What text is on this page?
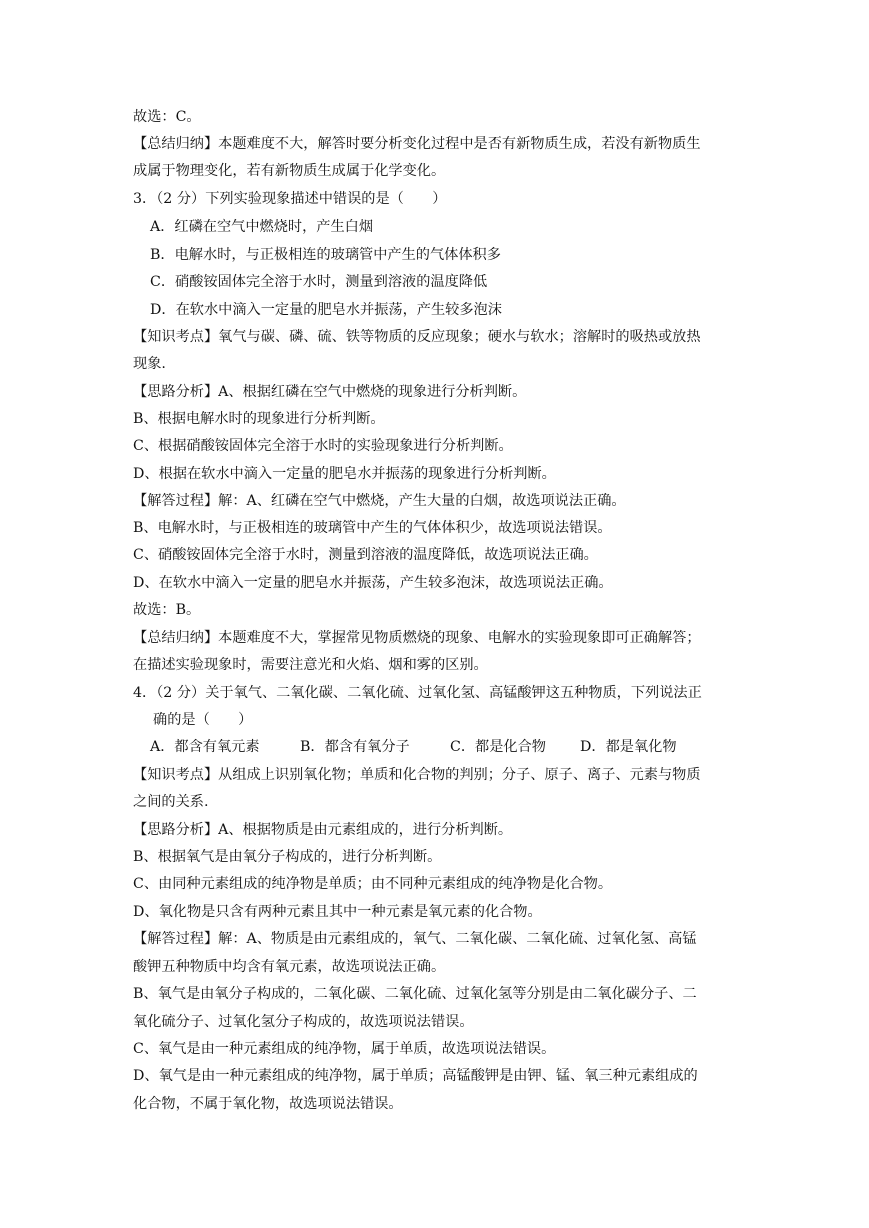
故选：C。
【总结归纳】本题难度不大，解答时要分析变化过程中是否有新物质生成，若没有新物质生
成属于物理变化，若有新物质生成属于化学变化。
3．（2 分）下列实验现象描述中错误的是（　　）
A．红磷在空气中燃烧时，产生白烟
B．电解水时，与正极相连的玻璃管中产生的气体体积多
C．硝酸铵固体完全溶于水时，测量到溶液的温度降低
D．在软水中滴入一定量的肥皂水并振荡，产生较多泡沫
【知识考点】氧气与碳、磷、硫、铁等物质的反应现象；硬水与软水；溶解时的吸热或放热
现象.
【思路分析】A、根据红磷在空气中燃烧的现象进行分析判断。
B、根据电解水时的现象进行分析判断。
C、根据硝酸铵固体完全溶于水时的实验现象进行分析判断。
D、根据在软水中滴入一定量的肥皂水并振荡的现象进行分析判断。
【解答过程】解：A、红磷在空气中燃烧，产生大量的白烟，故选项说法正确。
B、电解水时，与正极相连的玻璃管中产生的气体体积少，故选项说法错误。
C、硝酸铵固体完全溶于水时，测量到溶液的温度降低，故选项说法正确。
D、在软水中滴入一定量的肥皂水并振荡，产生较多泡沫，故选项说法正确。
故选：B。
【总结归纳】本题难度不大，掌握常见物质燃烧的现象、电解水的实验现象即可正确解答；
在描述实验现象时，需要注意光和火焰、烟和雾的区别。
4．（2 分）关于氧气、二氧化碳、二氧化硫、过氧化氢、高锰酸钾这五种物质，下列说法正
确的是（　　）
A．都含有氧元素	B．都含有氧分子	C．都是化合物 D．都是氧化物
【知识考点】从组成上识别氧化物；单质和化合物的判别；分子、原子、离子、元素与物质
之间的关系.
【思路分析】A、根据物质是由元素组成的，进行分析判断。
B、根据氧气是由氧分子构成的，进行分析判断。
C、由同种元素组成的纯净物是单质；由不同种元素组成的纯净物是化合物。
D、氧化物是只含有两种元素且其中一种元素是氧元素的化合物。
【解答过程】解：A、物质是由元素组成的，氧气、二氧化碳、二氧化硫、过氧化氢、高锰
酸钾五种物质中均含有氧元素，故选项说法正确。
B、氧气是由氧分子构成的，二氧化碳、二氧化硫、过氧化氢等分别是由二氧化碳分子、二
氧化硫分子、过氧化氢分子构成的，故选项说法错误。
C、氧气是由一种元素组成的纯净物，属于单质，故选项说法错误。
D、氧气是由一种元素组成的纯净物，属于单质；高锰酸钾是由钾、锰、氧三种元素组成的
化合物，不属于氧化物，故选项说法错误。
